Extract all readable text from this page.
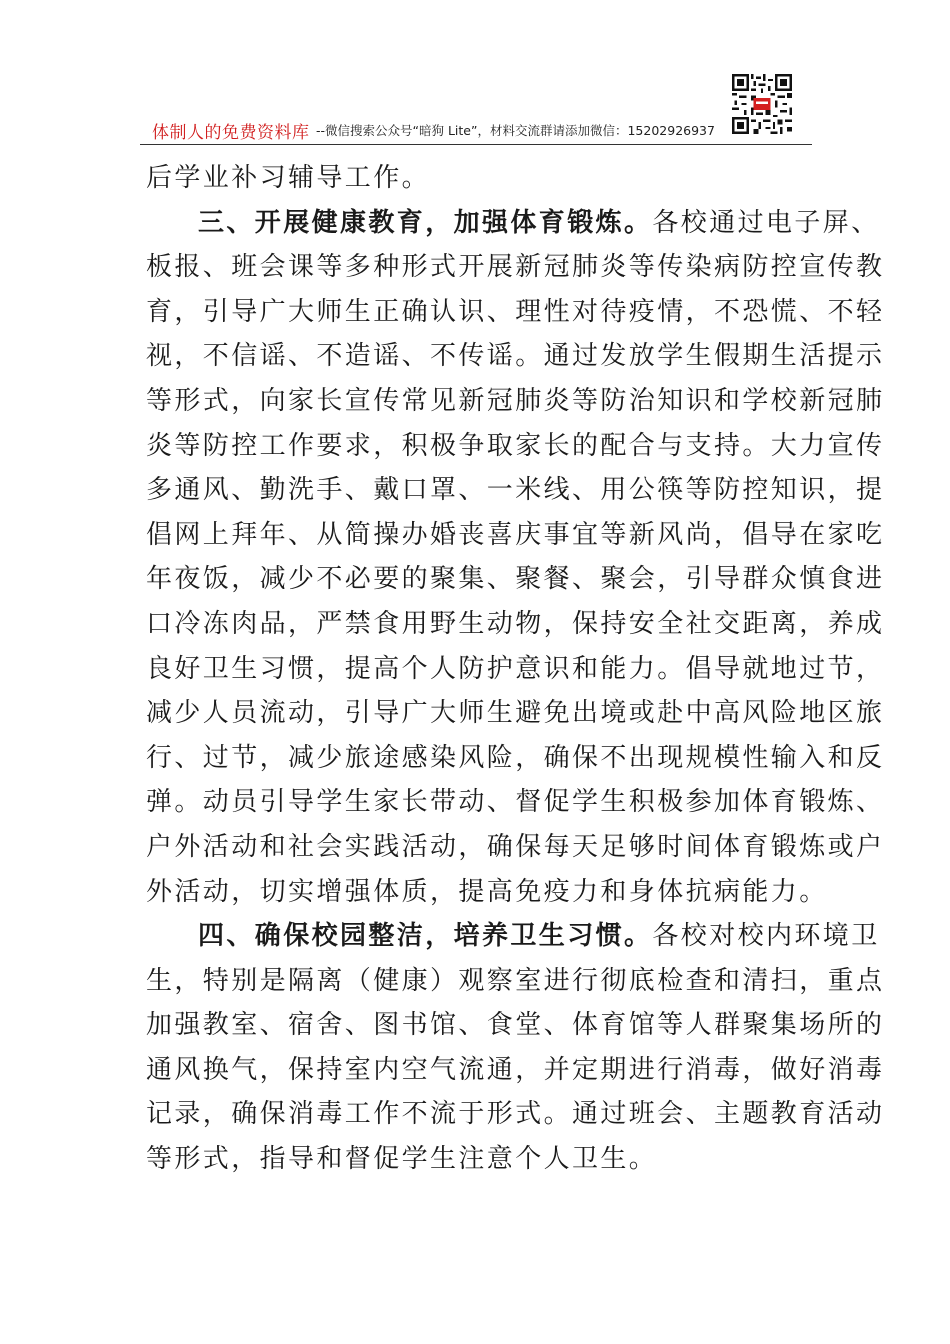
体制人的免费资料库 --微信搜索公众号“暗狗 Lite”，材料交流群请添加微信：15202926937
后学业补习辅导工作。
三、开展健康教育，加强体育锻炼。各校通过电子屏、
板报、班会课等多种形式开展新冠肺炎等传染病防控宣传教
育，引导广大师生正确认识、理性对待疫情，不恐慌、不轻
视，不信谣、不造谣、不传谣。通过发放学生假期生活提示
等形式，向家长宣传常见新冠肺炎等防治知识和学校新冠肺
炎等防控工作要求，积极争取家长的配合与支持。大力宣传
多通风、勤洗手、戴口罩、一米线、用公筷等防控知识，提
倡网上拜年、从简操办婚丧喜庆事宜等新风尚，倡导在家吃
年夜饭，减少不必要的聚集、聚餐、聚会，引导群众慎食进
口冷冻肉品，严禁食用野生动物，保持安全社交距离，养成
良好卫生习惯，提高个人防护意识和能力。倡导就地过节，
减少人员流动，引导广大师生避免出境或赴中高风险地区旅
行、过节，减少旅途感染风险，确保不出现规模性输入和反
弹。动员引导学生家长带动、督促学生积极参加体育锻炼、
户外活动和社会实践活动，确保每天足够时间体育锻炼或户
外活动，切实增强体质，提高免疫力和身体抗病能力。
四、确保校园整洁，培养卫生习惯。各校对校内环境卫
生，特别是隔离（健康）观察室进行彻底检查和清扫，重点
加强教室、宿舍、图书馆、食堂、体育馆等人群聚集场所的
通风换气，保持室内空气流通，并定期进行消毒，做好消毒
记录，确保消毒工作不流于形式。通过班会、主题教育活动
等形式，指导和督促学生注意个人卫生。
